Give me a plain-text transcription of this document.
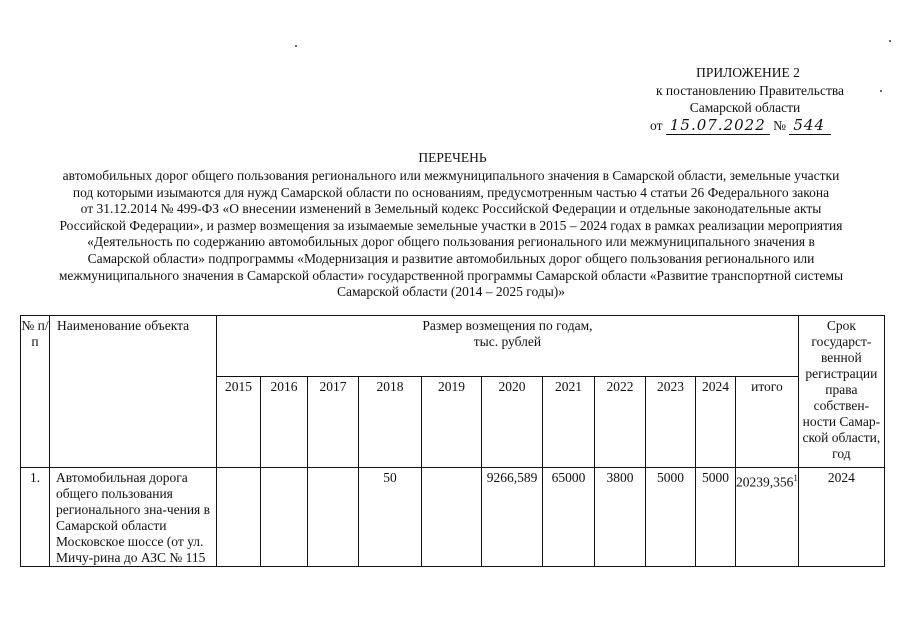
ПРИЛОЖЕНИЕ 2
к постановлению Правительства
Самарской области
от 15.07.2022 № 544
ПЕРЕЧЕНЬ
автомобильных дорог общего пользования регионального или межмуниципального значения в Самарской области, земельные участки
под которыми изымаются для нужд Самарской области по основаниям, предусмотренным частью 4 статьи 26 Федерального закона
от 31.12.2014 № 499-ФЗ «О внесении изменений в Земельный кодекс Российской Федерации и отдельные законодательные акты
Российской Федерации», и размер возмещения за изымаемые земельные участки в 2015 – 2024 годах в рамках реализации мероприятия
«Деятельность по содержанию автомобильных дорог общего пользования регионального или межмуниципального значения в
Самарской области» подпрограммы «Модернизация и развитие автомобильных дорог общего пользования регионального или
межмуниципального значения в Самарской области» государственной программы Самарской области «Развитие транспортной системы
Самарской области (2014 – 2025 годы)»
№ п/п	Наименование объекта	Размер возмещения по годам,
тыс. рублей											Срок государст-венной регистрации права собствен-ности Самар-ской области, год
		2015	2016	2017	2018	2019	2020	2021	2022	2023	2024	итого	
1.	Автомобильная дорога общего пользования регионального зна-чения в Самарской области Московское шоссе (от ул. Мичу-рина до АЗС № 115				50		9266,589	65000	3800	5000	5000	20239,356$^1$	2024
